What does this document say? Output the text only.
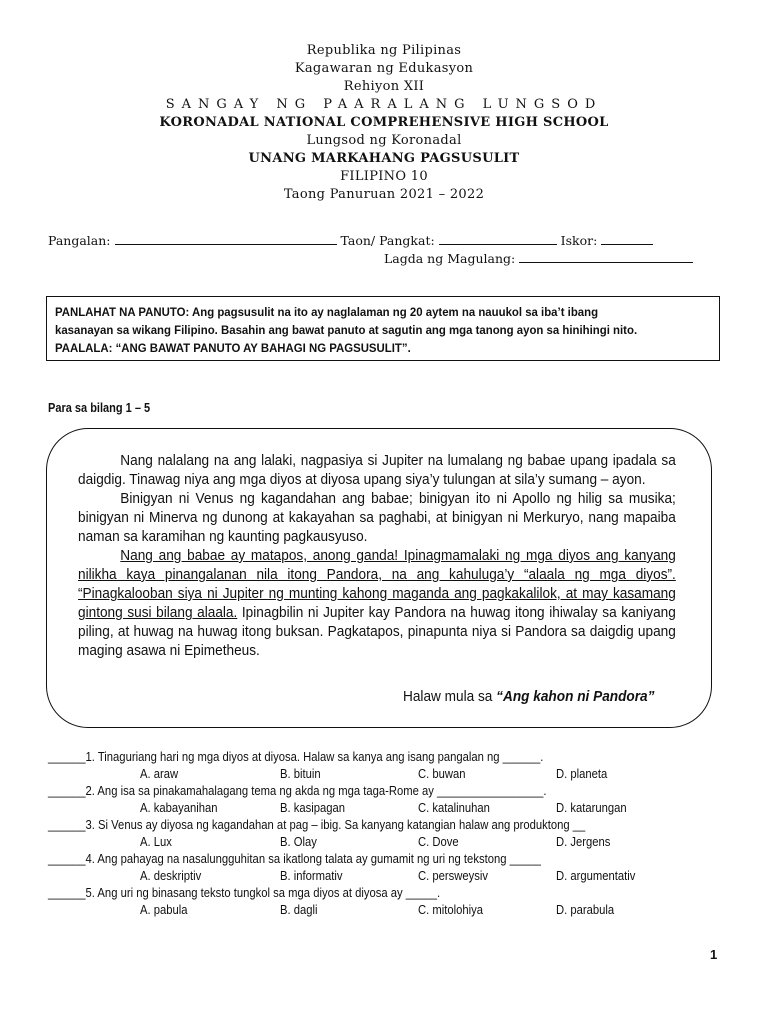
Republika ng Pilipinas
Kagawaran ng Edukasyon
Rehiyon XII
SANGAY NG PAARALANG LUNGSOD
KORONADAL NATIONAL COMPREHENSIVE HIGH SCHOOL
Lungsod ng Koronadal
UNANG MARKAHANG PAGSUSULIT
FILIPINO 10
Taong Panuruan 2021 – 2022
Pangalan:	Taon/ Pangkat:	Iskor:
Lagda ng Magulang:

PANLAHAT NA PANUTO: Ang pagsusulit na ito ay naglalaman ng 20 aytem na nauukol sa iba’t ibang

kasanayan sa wikang Filipino. Basahin ang bawat panuto at sagutin ang mga tanong ayon sa hinihingi nito.

PAALALA: “ANG BAWAT PANUTO AY BAHAGI NG PAGSUSULIT”.

Para sa bilang 1 – 5

Nang nalalang na ang lalaki, nagpasiya si Jupiter na lumalang ng babae upang ipadala sa daigdig. Tinawag niya ang mga diyos at diyosa upang siya’y tulungan at sila’y sumang – ayon.

Binigyan ni Venus ng kagandahan ang babae; binigyan ito ni Apollo ng hilig sa musika; binigyan ni Minerva ng dunong at kakayahan sa paghabi, at binigyan ni Merkuryo, nang mapaiba naman sa karamihan ng kaunting pagkausyuso.

Nang ang babae ay matapos, anong ganda! Ipinagmamalaki ng mga diyos ang kanyang nilikha kaya pinangalanan nila itong Pandora, na ang kahuluga’y “alaala ng mga diyos”. “Pinagkalooban siya ni Jupiter ng munting kahong maganda ang pagkakalilok, at may kasamang gintong susi bilang alaala. Ipinagbilin ni Jupiter kay Pandora na huwag itong ihiwalay sa kaniyang piling, at huwag na huwag itong buksan. Pagkatapos, pinapunta niya si Pandora sa daigdig upang maging asawa ni Epimetheus.

Halaw mula sa “Ang kahon ni Pandora”
______1. Tinaguriang hari ng mga diyos at diyosa. Halaw sa kanya ang isang pangalan ng ______.
A. araw	B. bituin	C. buwan	D. planeta
______2. Ang isa sa pinakamahalagang tema ng akda ng mga taga-Rome ay _________________.
A. kabayanihan	B. kasipagan	C. katalinuhan	D. katarungan
______3. Si Venus ay diyosa ng kagandahan at pag – ibig. Sa kanyang katangian halaw ang produktong __
A. Lux	B. Olay	C. Dove	D. Jergens
______4. Ang pahayag na nasalungguhitan sa ikatlong talata ay gumamit ng uri ng tekstong _____
A. deskriptiv	B. informativ	C. persweysiv	D. argumentativ
______5. Ang uri ng binasang teksto tungkol sa mga diyos at diyosa ay _____.
A. pabula	B. dagli	C. mitolohiya	D. parabula
1
